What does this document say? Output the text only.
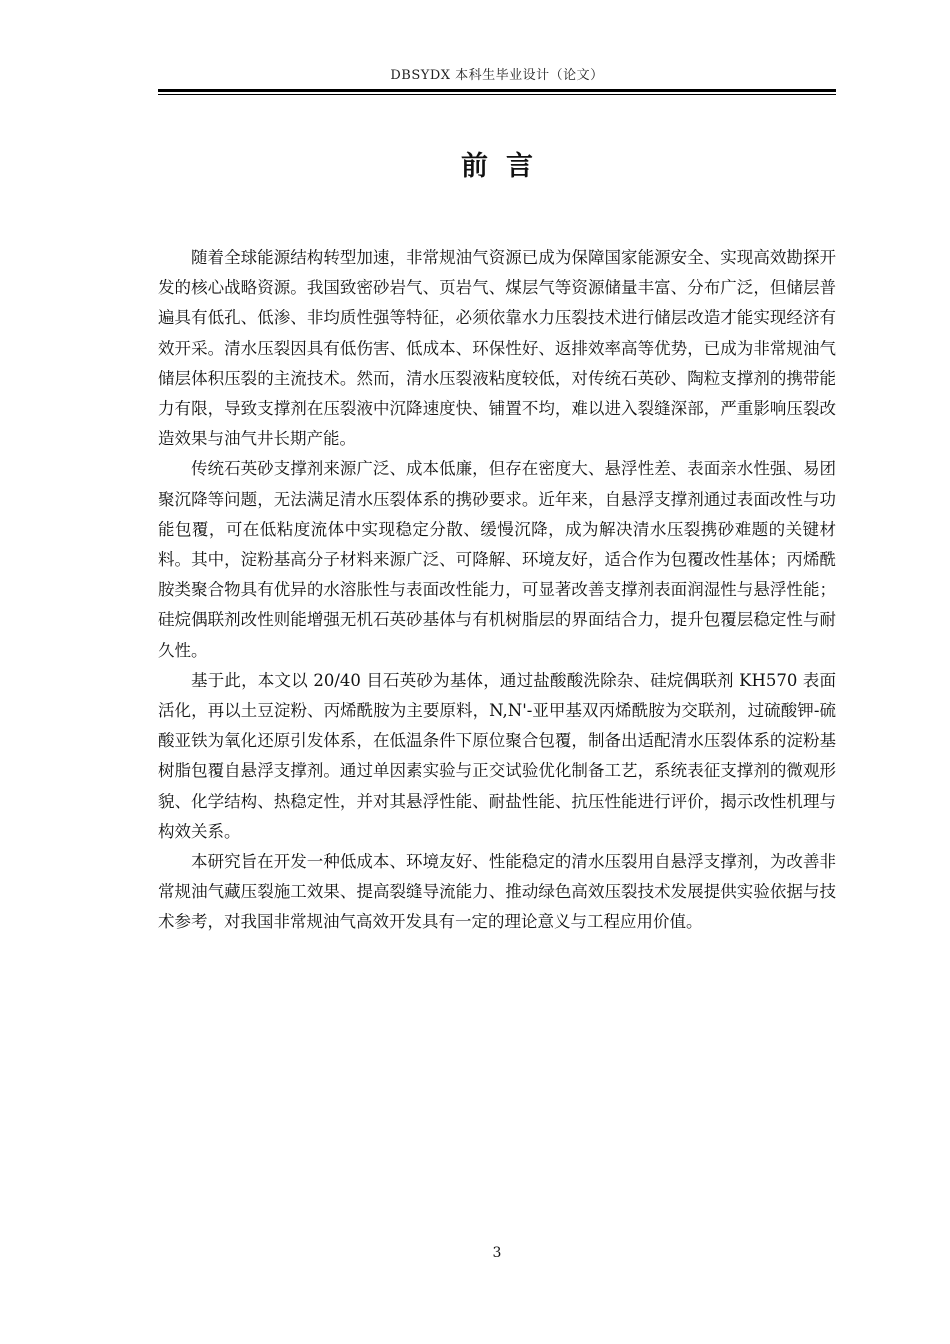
DBSYDX 本科生毕业设计（论文）
前言

随着全球能源结构转型加速，非常规油气资源已成为保障国家能源安全、实现高效勘探开发的核心战略资源。我国致密砂岩气、页岩气、煤层气等资源储量丰富、分布广泛，但储层普遍具有低孔、低渗、非均质性强等特征，必须依靠水力压裂技术进行储层改造才能实现经济有效开采。清水压裂因具有低伤害、低成本、环保性好、返排效率高等优势，已成为非常规油气储层体积压裂的主流技术。然而，清水压裂液粘度较低，对传统石英砂、陶粒支撑剂的携带能力有限，导致支撑剂在压裂液中沉降速度快、铺置不均，难以进入裂缝深部，严重影响压裂改造效果与油气井长期产能。

传统石英砂支撑剂来源广泛、成本低廉，但存在密度大、悬浮性差、表面亲水性强、易团聚沉降等问题，无法满足清水压裂体系的携砂要求。近年来，自悬浮支撑剂通过表面改性与功能包覆，可在低粘度流体中实现稳定分散、缓慢沉降，成为解决清水压裂携砂难题的关键材料。其中，淀粉基高分子材料来源广泛、可降解、环境友好，适合作为包覆改性基体；丙烯酰胺类聚合物具有优异的水溶胀性与表面改性能力，可显著改善支撑剂表面润湿性与悬浮性能；硅烷偶联剂改性则能增强无机石英砂基体与有机树脂层的界面结合力，提升包覆层稳定性与耐久性。

基于此，本文以 20/40 目石英砂为基体，通过盐酸酸洗除杂、硅烷偶联剂 KH570 表面活化，再以土豆淀粉、丙烯酰胺为主要原料，N,N'-亚甲基双丙烯酰胺为交联剂，过硫酸钾-硫酸亚铁为氧化还原引发体系，在低温条件下原位聚合包覆，制备出适配清水压裂体系的淀粉基树脂包覆自悬浮支撑剂。通过单因素实验与正交试验优化制备工艺，系统表征支撑剂的微观形貌、化学结构、热稳定性，并对其悬浮性能、耐盐性能、抗压性能进行评价，揭示改性机理与构效关系。

本研究旨在开发一种低成本、环境友好、性能稳定的清水压裂用自悬浮支撑剂，为改善非常规油气藏压裂施工效果、提高裂缝导流能力、推动绿色高效压裂技术发展提供实验依据与技术参考，对我国非常规油气高效开发具有一定的理论意义与工程应用价值。

3
